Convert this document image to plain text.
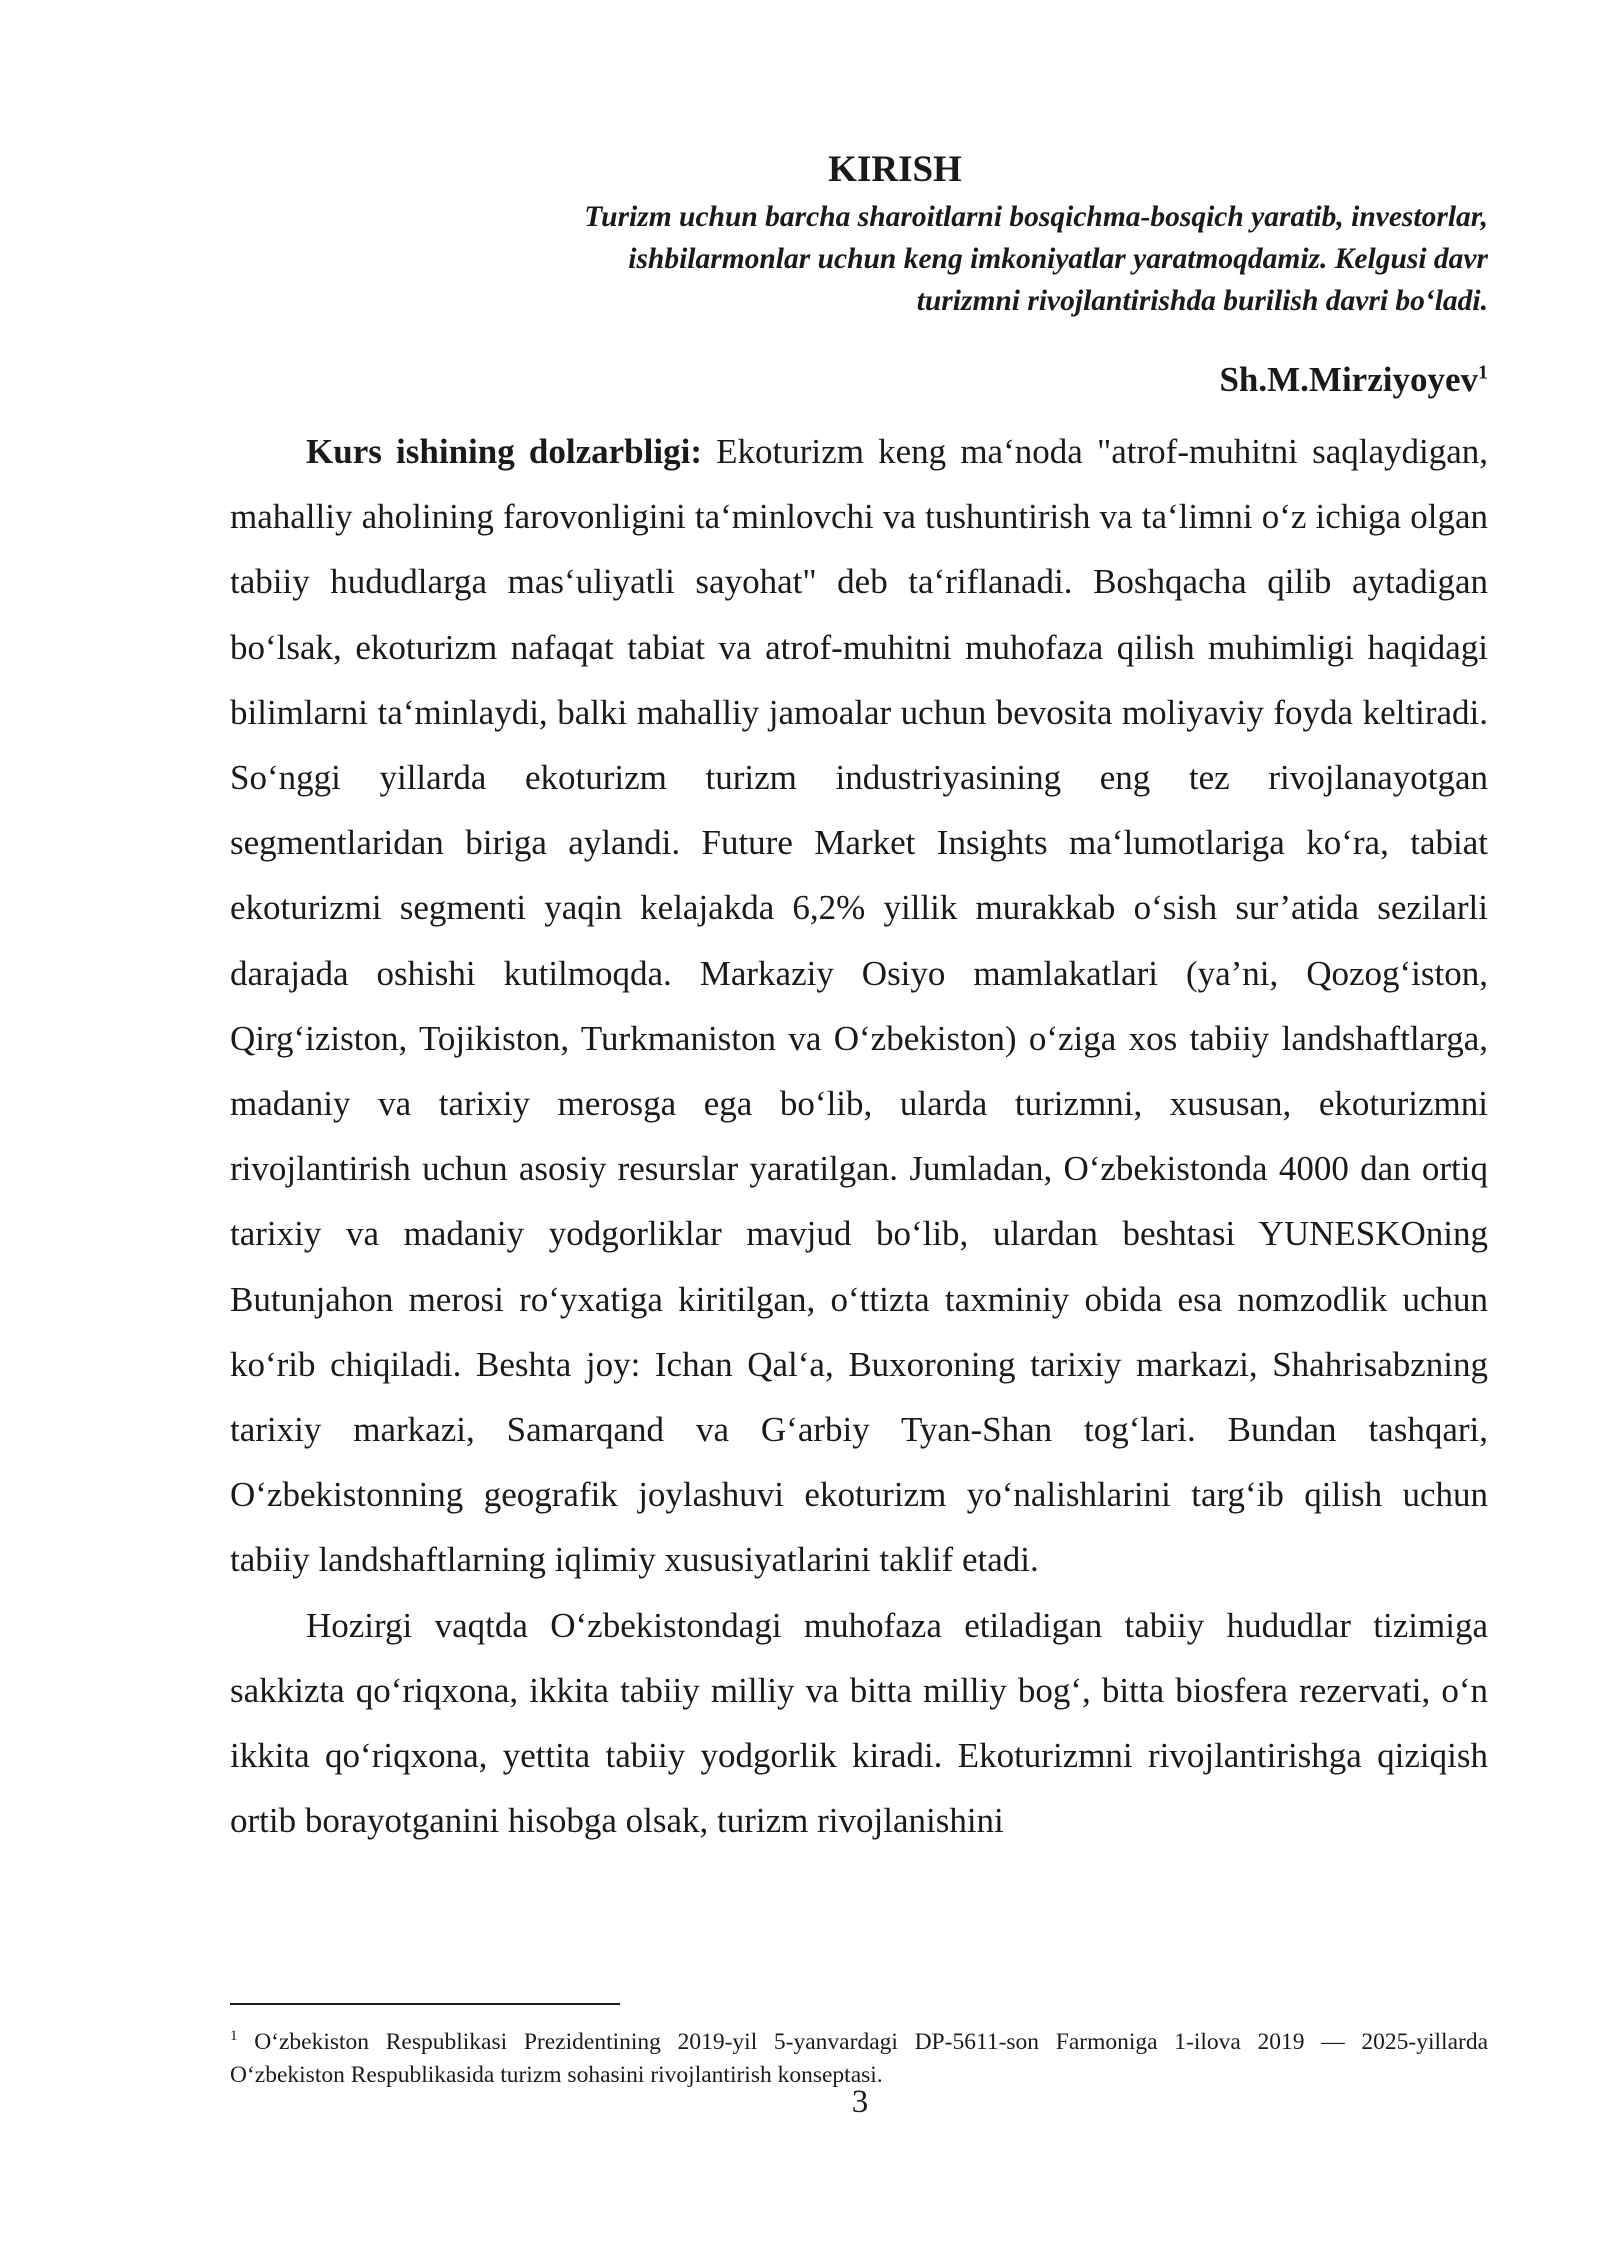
KIRISH
Turizm uchun barcha sharoitlarni bosqichma-bosqich yaratib, investorlar, ishbilarmonlar uchun keng imkoniyatlar yaratmoqdamiz. Kelgusi davr turizmni rivojlantirishda burilish davri bo‘ladi.
Sh.M.Mirziyoyev$^1$

Kurs ishining dolzarbligi: Ekoturizm keng ma‘noda "atrof-muhitni saqlaydigan, mahalliy aholining farovonligini ta‘minlovchi va tushuntirish va ta‘limni o‘z ichiga olgan tabiiy hududlarga mas‘uliyatli sayohat" deb ta‘riflanadi. Boshqacha qilib aytadigan bo‘lsak, ekoturizm nafaqat tabiat va atrof-muhitni muhofaza qilish muhimligi haqidagi bilimlarni ta‘minlaydi, balki mahalliy jamoalar uchun bevosita moliyaviy foyda keltiradi. So‘nggi yillarda ekoturizm turizm industriyasining eng tez rivojlanayotgan segmentlaridan biriga aylandi. Future Market Insights ma‘lumotlariga ko‘ra, tabiat ekoturizmi segmenti yaqin kelajakda 6,2% yillik murakkab o‘sish sur’atida sezilarli darajada oshishi kutilmoqda. Markaziy Osiyo mamlakatlari (ya’ni, Qozog‘iston, Qirg‘iziston, Tojikiston, Turkmaniston va O‘zbekiston) o‘ziga xos tabiiy landshaftlarga, madaniy va tarixiy merosga ega bo‘lib, ularda turizmni, xususan, ekoturizmni rivojlantirish uchun asosiy resurslar yaratilgan. Jumladan, O‘zbekistonda 4000 dan ortiq tarixiy va madaniy yodgorliklar mavjud bo‘lib, ulardan beshtasi YUNESKOning Butunjahon merosi ro‘yxatiga kiritilgan, o‘ttizta taxminiy obida esa nomzodlik uchun ko‘rib chiqiladi. Beshta joy: Ichan Qal‘a, Buxoroning tarixiy markazi, Shahrisabzning tarixiy markazi, Samarqand va G‘arbiy Tyan-Shan tog‘lari. Bundan tashqari, O‘zbekistonning geografik joylashuvi ekoturizm yo‘nalishlarini targ‘ib qilish uchun tabiiy landshaftlarning iqlimiy xususiyatlarini taklif etadi.

Hozirgi vaqtda O‘zbekistondagi muhofaza etiladigan tabiiy hududlar tizimiga sakkizta qo‘riqxona, ikkita tabiiy milliy va bitta milliy bog‘, bitta biosfera rezervati, o‘n ikkita qo‘riqxona, yettita tabiiy yodgorlik kiradi. Ekoturizmni rivojlantirishga qiziqish ortib borayotganini hisobga olsak, turizm rivojlanishini

$^1$ O‘zbekiston Respublikasi Prezidentining 2019-yil 5-yanvardagi DP-5611-son Farmoniga 1-ilova 2019 — 2025-yillarda O‘zbekiston Respublikasida turizm sohasini rivojlantirish konseptasi.
3
